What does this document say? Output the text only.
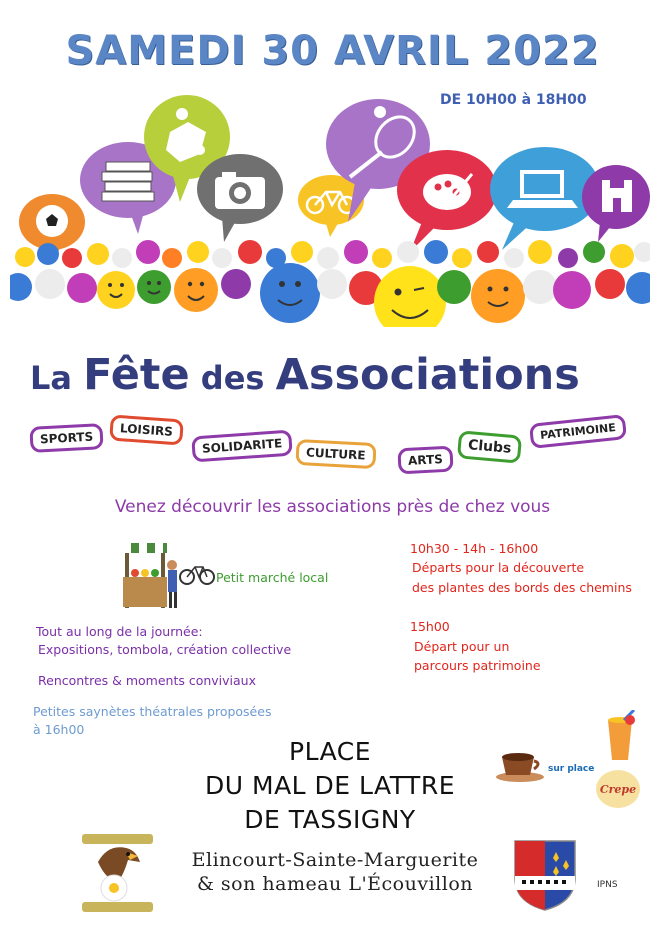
SAMEDI 30 AVRIL 2022
DE 10H00 à 18H00
La Fête des Associations
SPORTS	LOISIRS
SOLIDARITE	CULTURE	ARTS
Clubs
PATRIMOINE
Venez découvrir les associations près de chez vous
Petit marché local
Tout au long de la journée:
Expositions, tombola, création collective
Rencontres & moments conviviaux
Petites saynètes théatrales proposées
à 16h00
10h30 - 14h - 16h00
Départs pour la découverte
des plantes des bords des chemins
15h00
Départ pour un
parcours patrimoine
PLACE
DU MAL DE LATTRE
DE TASSIGNY
sur place
Crepe
Elincourt-Sainte-Marguerite
& son hameau L'Écouvillon	IPNS
